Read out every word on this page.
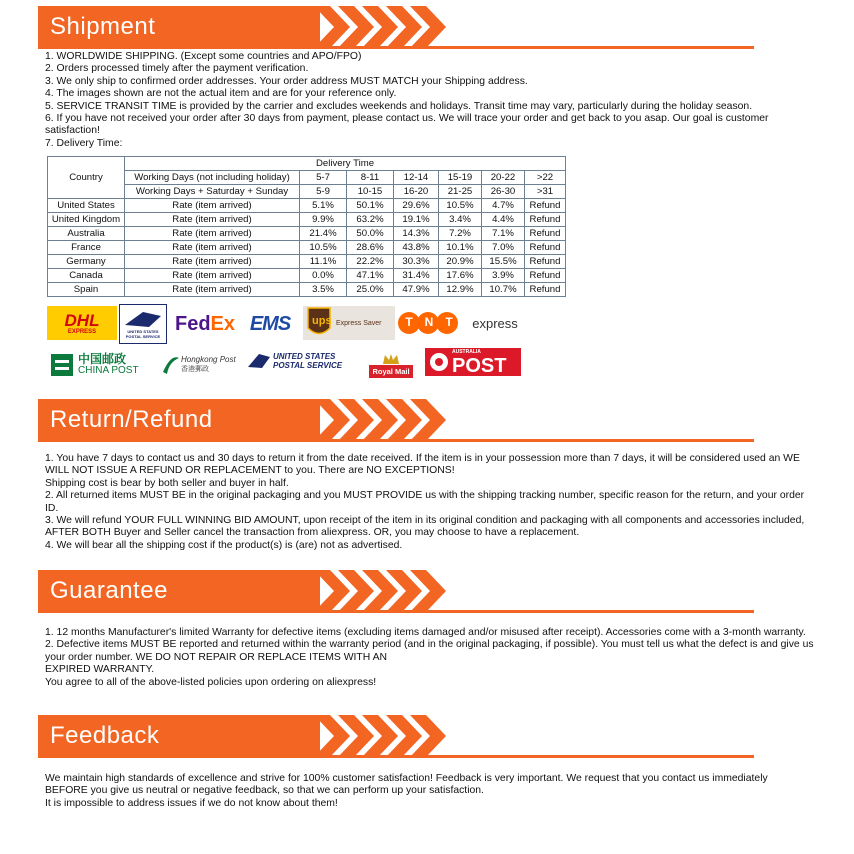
Shipment
1. WORLDWIDE SHIPPING. (Except some countries and APO/FPO)
2. Orders processed timely after the payment verification.
3. We only ship to confirmed order addresses. Your order address MUST MATCH your Shipping address.
4. The images shown are not the actual item and are for your reference only.
5. SERVICE TRANSIT TIME is provided by the carrier and excludes weekends and holidays. Transit time may vary, particularly during the holiday season.
6. If you have not received your order after 30 days from payment, please contact us. We will trace your order and get back to you asap. Our goal is customer satisfaction!
7. Delivery Time:
Country	Delivery Time						
	Working Days (not including holiday)	5-7	8-11	12-14	15-19	20-22	>22
	Working Days + Saturday + Sunday	5-9	10-15	16-20	21-25	26-30	>31
United States	Rate (item arrived)	5.1%	50.1%	29.6%	10.5%	4.7%	Refund
United Kingdom	Rate (item arrived)	9.9%	63.2%	19.1%	3.4%	4.4%	Refund
Australia	Rate (item arrived)	21.4%	50.0%	14.3%	7.2%	7.1%	Refund
France	Rate (item arrived)	10.5%	28.6%	43.8%	10.1%	7.0%	Refund
Germany	Rate (item arrived)	11.1%	22.2%	30.3%	20.9%	15.5%	Refund
Canada	Rate (item arrived)	0.0%	47.1%	31.4%	17.6%	3.9%	Refund
Spain	Rate (item arrived)	3.5%	25.0%	47.9%	12.9%	10.7%	Refund
DHL
EXPRESS	UNITED STATES POSTAL SERVICE
Fed Ex EMS ups Express Saver	TNT express
中国邮政
CHINA POST
Hongkong Post
香港郵政
UNITED STATES
POSTAL SERVICE
Royal Mail
AUSTRALIA
POST
Return/Refund
1. You have 7 days to contact us and 30 days to return it from the date received. If the item is in your possession more than 7 days, it will be considered used an WE WILL NOT ISSUE A REFUND OR REPLACEMENT to you. There are NO EXCEPTIONS!
Shipping cost is bear by both seller and buyer in half.
2. All returned items MUST BE in the original packaging and you MUST PROVIDE us with the shipping tracking number, specific reason for the return, and your order ID.
3. We will refund YOUR FULL WINNING BID AMOUNT, upon receipt of the item in its original condition and packaging with all components and accessories included, AFTER BOTH Buyer and Seller cancel the transaction from aliexpress. OR, you may choose to have a replacement.
4. We will bear all the shipping cost if the product(s) is (are) not as advertised.
Guarantee
1. 12 months Manufacturer's limited Warranty for defective items (excluding items damaged and/or misused after receipt). Accessories come with a 3-month warranty.
2. Defective items MUST BE reported and returned within the warranty period (and in the original packaging, if possible). You must tell us what the defect is and give us your order number. WE DO NOT REPAIR OR REPLACE ITEMS WITH AN
EXPIRED WARRANTY.
You agree to all of the above-listed policies upon ordering on aliexpress!
Feedback
We maintain high standards of excellence and strive for 100% customer satisfaction! Feedback is very important. We request that you contact us immediately BEFORE you give us neutral or negative feedback, so that we can perform up your satisfaction.
It is impossible to address issues if we do not know about them!
